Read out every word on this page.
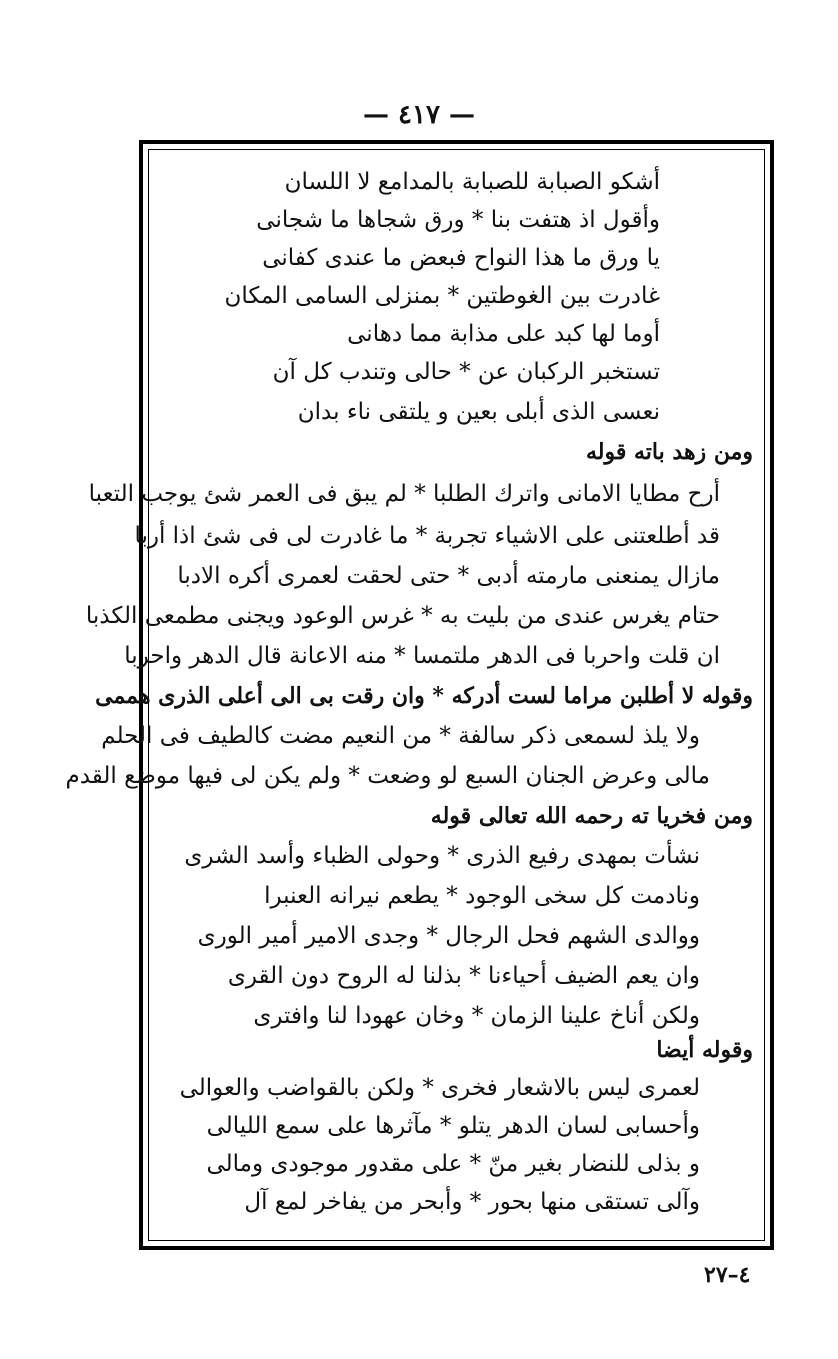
— ٤١٧ —
أشكو الصبابة للصبابة بالمدامع لا اللسان
وأقول اذ هتفت بنا * ورق شجاها ما شجانى
يا ورق ما هذا النواح فبعض ما عندى كفانى
غادرت بين الغوطتين * بمنزلى السامى المكان
أوما لها كبد على مذابة مما دهانى
تستخبر الركبان عن * حالى وتندب كل آن
نعسى الذى أبلى بعين و يلتقى ناء بدان
ومن زهد باته قوله
أرح مطايا الامانى واترك الطلبا * لم يبق فى العمر شئ يوجب التعبا
قد أطلعتنى على الاشياء تجربة * ما غادرت لى فى شئ اذا أربا
مازال يمنعنى مارمته أدبى * حتى لحقت لعمرى أكره الادبا
حتام يغرس عندى من بليت به * غرس الوعود ويجنى مطمعى الكذبا
ان قلت واحربا فى الدهر ملتمسا * منه الاعانة قال الدهر واحربا
وقوله لا أطلبن مراما لست أدركه * وان رقت بى الى أعلى الذرى هممى
ولا يلذ لسمعى ذكر سالفة * من النعيم مضت كالطيف فى الحلم
مالى وعرض الجنان السبع لو وضعت * ولم يكن لى فيها موضع القدم
ومن فخريا ته رحمه الله تعالى قوله
نشأت بمهدى رفيع الذرى * وحولى الظباء وأسد الشرى
ونادمت كل سخى الوجود * يطعم نيرانه العنبرا
ووالدى الشهم فحل الرجال * وجدى الامير أمير الورى
وان يعم الضيف أحياءنا * بذلنا له الروح دون القرى
ولكن أناخ علينا الزمان * وخان عهودا لنا وافترى
وقوله أيضا
لعمرى ليس بالاشعار فخرى * ولكن بالقواضب والعوالى
وأحسابى لسان الدهر يتلو * مآثرها على سمع الليالى
و بذلى للنضار بغير منّ * على مقدور موجودى ومالى
وآلى تستقى منها بحور * وأبحر من يفاخر لمع آل
٤–٢٧
